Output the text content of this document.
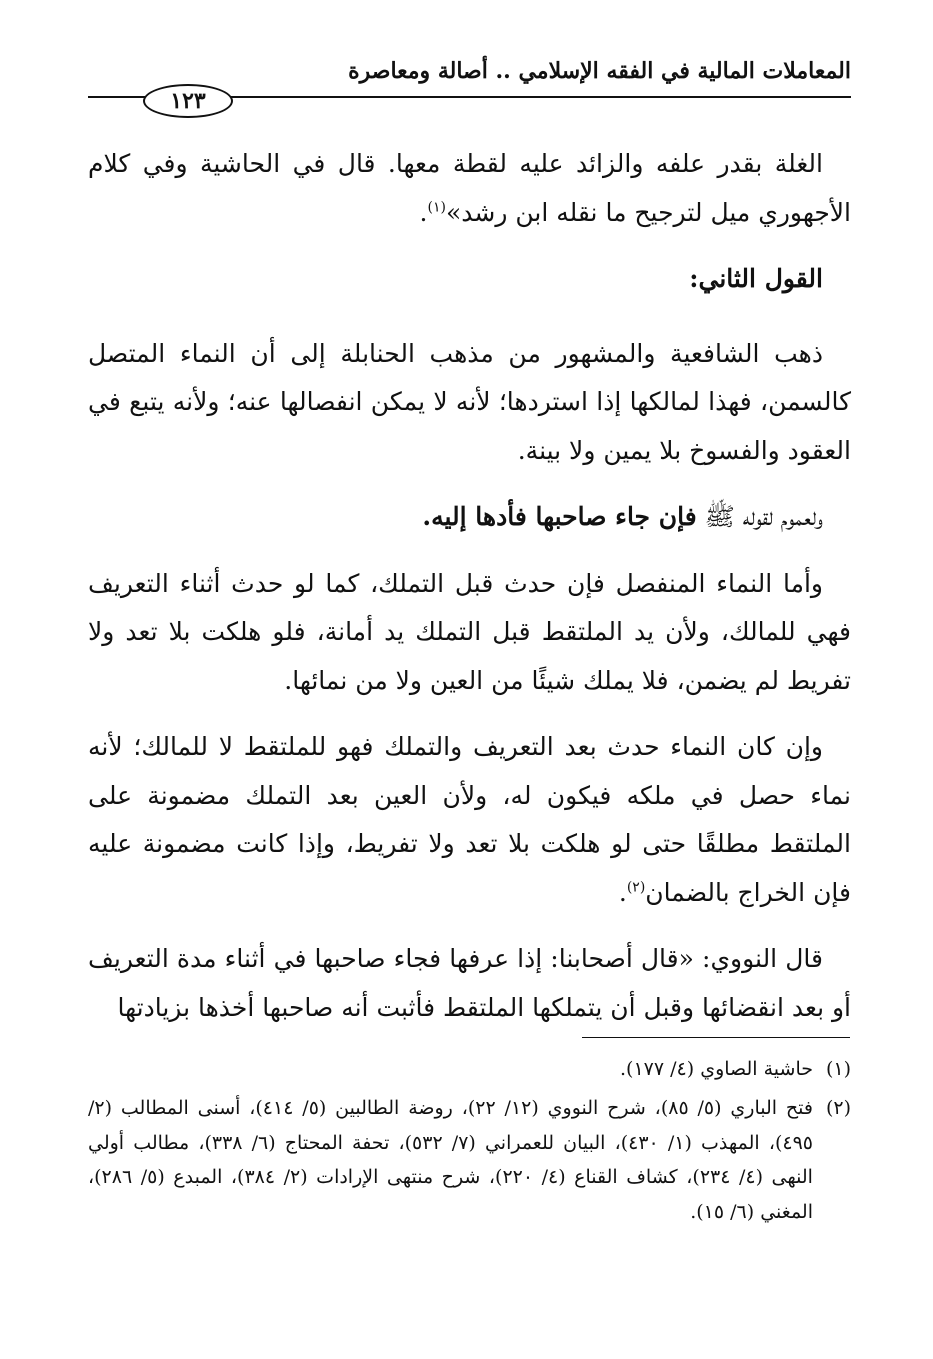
المعاملات المالية في الفقه الإسلامي .. أصالة ومعاصرة
١٢٣

الغلة بقدر علفه والزائد عليه لقطة معها. قال في الحاشية وفي كلام الأجهوري ميل لترجيح ما نقله ابن رشد»$^{(١)}$.

القول الثاني:

ذهب الشافعية والمشهور من مذهب الحنابلة إلى أن النماء المتصل كالسمن، فهذا لمالكها إذا استردها؛ لأنه لا يمكن انفصالها عنه؛ ولأنه يتبع في العقود والفسوخ بلا يمين ولا بينة.

ولعموم لقوله ﷺ فإن جاء صاحبها فأدها إليه.

وأما النماء المنفصل فإن حدث قبل التملك، كما لو حدث أثناء التعريف فهي للمالك، ولأن يد الملتقط قبل التملك يد أمانة، فلو هلكت بلا تعد ولا تفريط لم يضمن، فلا يملك شيئًا من العين ولا من نمائها.

وإن كان النماء حدث بعد التعريف والتملك فهو للملتقط لا للمالك؛ لأنه نماء حصل في ملكه فيكون له، ولأن العين بعد التملك مضمونة على الملتقط مطلقًا حتى لو هلكت بلا تعد ولا تفريط، وإذا كانت مضمونة عليه فإن الخراج بالضمان$^{(٢)}$.

قال النووي: «قال أصحابنا: إذا عرفها فجاء صاحبها في أثناء مدة التعريف أو بعد انقضائها وقبل أن يتملكها الملتقط فأثبت أنه صاحبها أخذها بزيادتها

(١)
حاشية الصاوي (٤/ ١٧٧).
(٢)
فتح الباري (٥/ ٨٥)، شرح النووي (١٢/ ٢٢)، روضة الطالبين (٥/ ٤١٤)، أسنى المطالب (٢/ ٤٩٥)، المهذب (١/ ٤٣٠)، البيان للعمراني (٧/ ٥٣٢)، تحفة المحتاج (٦/ ٣٣٨)، مطالب أولي النهى (٤/ ٢٣٤)، كشاف القناع (٤/ ٢٢٠)، شرح منتهى الإرادات (٢/ ٣٨٤)، المبدع (٥/ ٢٨٦)، المغني (٦/ ١٥).
